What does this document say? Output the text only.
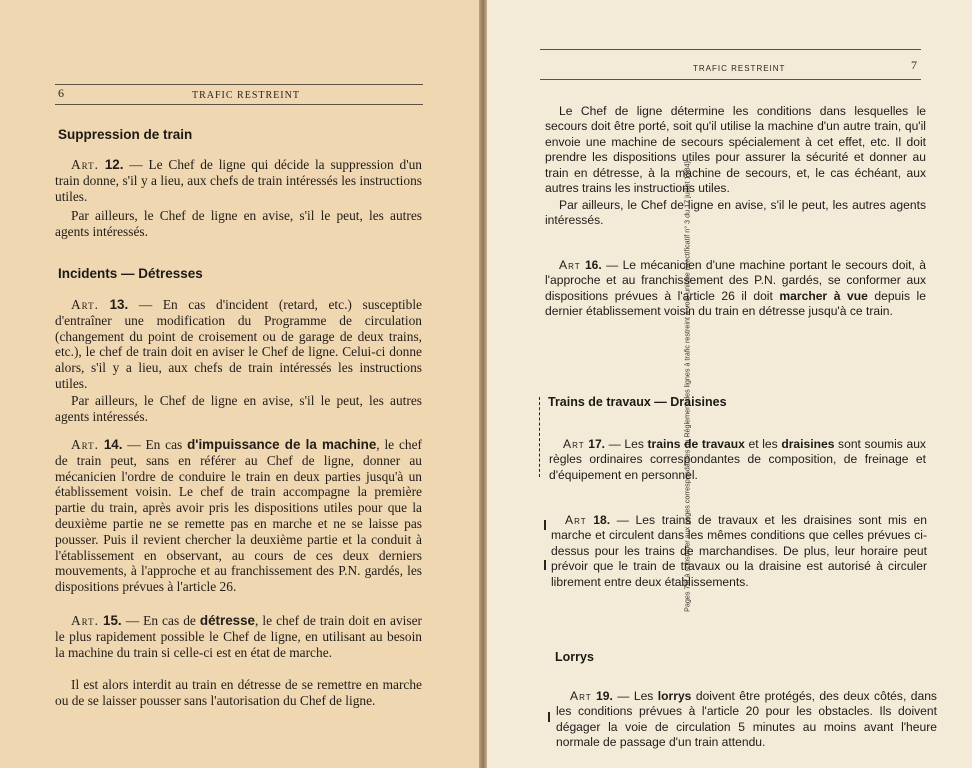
6	TRAFIC RESTREINT
Suppression de train

Art. 12. — Le Chef de ligne qui décide la suppression d'un train donne, s'il y a lieu, aux chefs de train intéressés les instructions utiles.

Par ailleurs, le Chef de ligne en avise, s'il le peut, les autres agents intéressés.

Incidents — Détresses

Art. 13. — En cas d'incident (retard, etc.) susceptible d'entraîner une modification du Programme de circulation (changement du point de croisement ou de garage de deux trains, etc.), le chef de train doit en aviser le Chef de ligne. Celui-ci donne alors, s'il y a lieu, aux chefs de train intéressés les instructions utiles.

Par ailleurs, le Chef de ligne en avise, s'il le peut, les autres agents intéressés.

Art. 14. — En cas d'impuissance de la machine, le chef de train peut, sans en référer au Chef de ligne, donner au mécanicien l'ordre de conduire le train en deux parties jusqu'à un établissement voisin. Le chef de train accompagne la première partie du train, après avoir pris les dispositions utiles pour que la deuxième partie ne se remette pas en marche et ne se laisse pas pousser. Puis il revient chercher la deuxième partie et la conduit à l'établissement en observant, au cours de ces deux derniers mouvements, à l'approche et au franchissement des P.N. gardés, les dispositions prévues à l'article 26.

Art. 15. — En cas de détresse, le chef de train doit en aviser le plus rapidement possible le Chef de ligne, en utilisant au besoin la machine du train si celle-ci est en état de marche.

Il est alors interdit au train en détresse de se remettre en marche ou de se laisser pousser sans l'autorisation du Chef de ligne.

TRAFIC RESTREINT	7
Pages 7/8 à substituer aux pages correspondantes du Règlement des lignes à trafic restreint à voie unique (Rectificatif n° 3 du 17 juillet 1984)

Le Chef de ligne détermine les conditions dans lesquelles le secours doit être porté, soit qu'il utilise la machine d'un autre train, qu'il envoie une machine de secours spécialement à cet effet, etc. Il doit prendre les dispositions utiles pour assurer la sécurité et donner au train en détresse, à la machine de secours, et, le cas échéant, aux autres trains les instructions utiles.

Par ailleurs, le Chef de ligne en avise, s'il le peut, les autres agents intéressés.

Art 16. — Le mécanicien d'une machine portant le secours doit, à l'approche et au franchissement des P.N. gardés, se conformer aux dispositions prévues à l'article 26 il doit marcher à vue depuis le dernier établissement voisin du train en détresse jusqu'à ce train.

Trains de travaux — Draisines

Art 17. — Les trains de travaux et les draisines sont soumis aux règles ordinaires correspondantes de composition, de freinage et d'équipement en personnel.

Art 18. — Les trains de travaux et les draisines sont mis en marche et circulent dans les mêmes conditions que celles prévues ci-dessus pour les trains de marchandises. De plus, leur horaire peut prévoir que le train de travaux ou la draisine est autorisé à circuler librement entre deux établissements.

Lorrys

Art 19. — Les lorrys doivent être protégés, des deux côtés, dans les conditions prévues à l'article 20 pour les obstacles. Ils doivent dégager la voie de circulation 5 minutes au moins avant l'heure normale de passage d'un train attendu.
